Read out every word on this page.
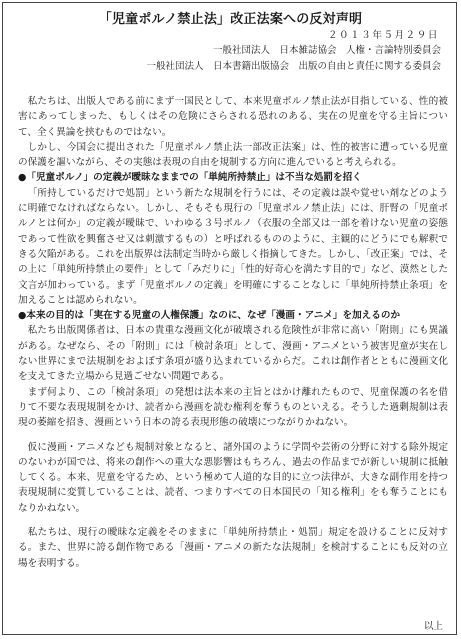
「児童ポルノ禁止法」改正法案への反対声明
２０１３年５月２９日
一般社団法人　日本雑誌協会　人権・言論特別委員会
一般社団法人　日本書籍出版協会　出版の自由と責任に関する委員会

私たちは、出版人である前にまず一国民として、本来児童ポルノ禁止法が目指している、性的被害にあってしまった、もしくはその危険にさらされる恐れのある、実在の児童を守る主旨について、全く異論を挟むものではない。

しかし、今国会に提出された「児童ポルノ禁止法一部改正法案」は、性的被害に遭っている児童の保護を謳いながら、その実態は表現の自由を規制する方向に進んでいると考えられる。

●「児童ポルノ」の定義が曖昧なままでの「単純所持禁止」は不当な処罰を招く

「所持しているだけで処罰」という新たな規制を行うには、その定義は誤や覚せい剤などのように明確でなければならない。しかし、そもそも現行の「児童ポルノ禁止法」には、肝腎の「児童ポルノとは何か」の定義が曖昧で、いわゆる３号ポルノ（衣服の全部又は一部を着けない児童の姿態であって性欲を興奮させ又は刺激するもの）と呼ばれるもののように、主観的にどうにでも解釈できる欠陥がある。これを出版界は法制定当時から厳しく指摘してきた。しかし、「改正案」では、その上に「単純所持禁止の要件」として「みだりに」「性的好奇心を満たす目的で」など、漠然とした文言が加わっている。まず「児童ポルノの定義」を明確にすることなしに「単純所持禁止条項」を加えることは認められない。

●本来の目的は「実在する児童の人権保護」なのに、なぜ「漫画・アニメ」を加えるのか

私たち出版関係者は、日本の貴重な漫画文化が破壊される危険性が非常に高い「附則」にも異議がある。なぜなら、その「附則」には「検討条項」として、漫画・アニメという被害児童が実在しない世界にまで法規制をおよぼす条項が盛り込まれているからだ。これは創作者とともに漫画文化を支えてきた立場から見過ごせない問題である。

まず何より、この「検討条項」の発想は法本来の主旨とはかけ離れたもので、児童保護の名を借りて不要な表現規制をかけ、読者から漫画を読む権利を奪うものといえる。そうした過剰規制は表現の萎縮を招き、漫画という日本の誇る表現形態の破壊につながりかねない。

仮に漫画・アニメなども規制対象となると、諸外国のように学問や芸術の分野に対する除外規定のないわが国では、将来の創作への重大な悪影響はもちろん、過去の作品までが新しい規制に抵触してくる。本来、児童を守るため、という極めて人道的な目的に立つ法律が、大きな副作用を持つ表現規制に変質していることは、読者、つまりすべての日本国民の「知る権利」をも奪うことにもなりかねない。

私たちは、現行の曖昧な定義をそのままに「単純所持禁止・処罰」規定を設けることに反対する。また、世界に誇る創作物である「漫画・アニメの新たな法規制」を検討することにも反対の立場を表明する。

以上
